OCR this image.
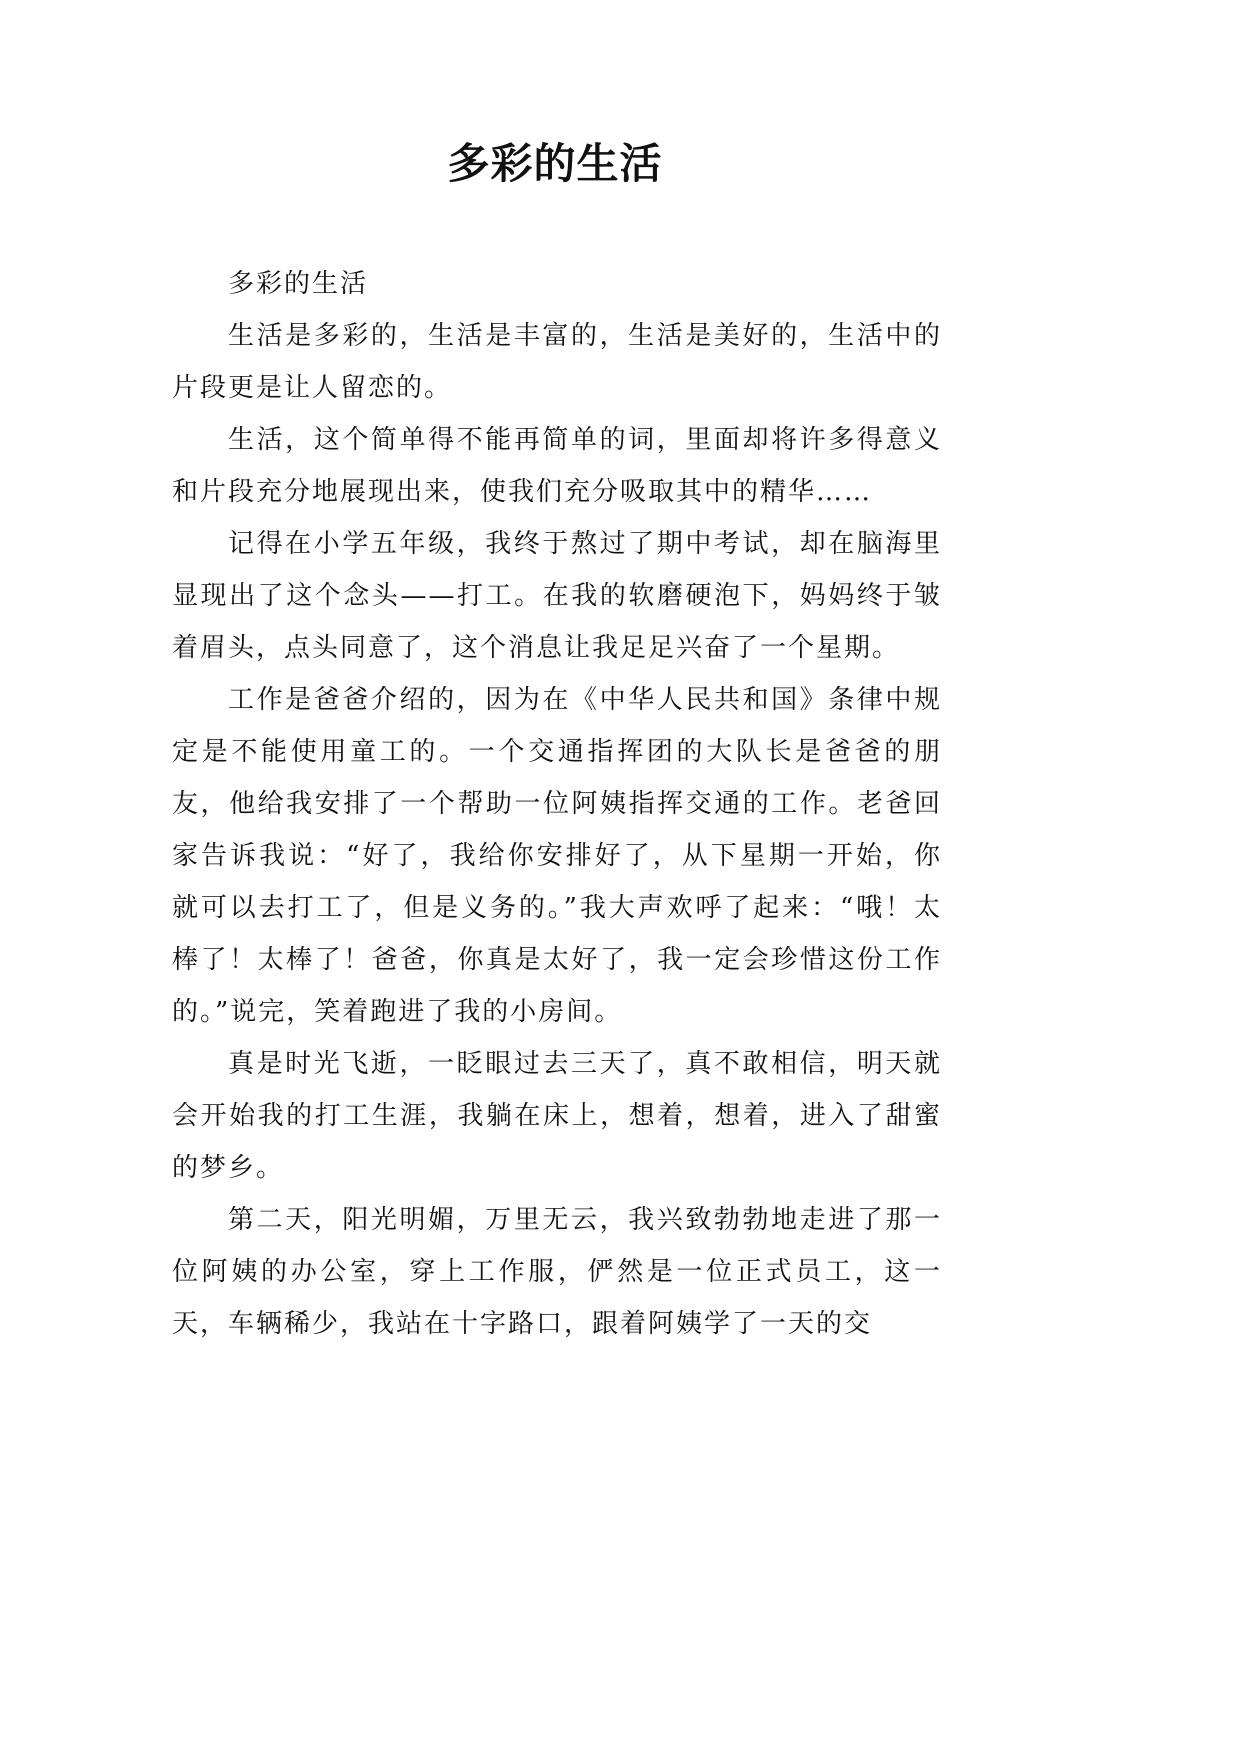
多彩的生活

多彩的生活

生活是多彩的，生活是丰富的，生活是美好的，生活中的片段更是让人留恋的。

生活，这个简单得不能再简单的词，里面却将许多得意义和片段充分地展现出来，使我们充分吸取其中的精华……

记得在小学五年级，我终于熬过了期中考试，却在脑海里显现出了这个念头——打工。在我的软磨硬泡下，妈妈终于皱着眉头，点头同意了，这个消息让我足足兴奋了一个星期。

工作是爸爸介绍的，因为在《中华人民共和国》条律中规定是不能使用童工的。一个交通指挥团的大队长是爸爸的朋友，他给我安排了一个帮助一位阿姨指挥交通的工作。老爸回家告诉我说：“好了，我给你安排好了，从下星期一开始，你就可以去打工了，但是义务的。”我大声欢呼了起来：“哦！太棒了！太棒了！爸爸，你真是太好了，我一定会珍惜这份工作的。”说完，笑着跑进了我的小房间。

真是时光飞逝，一眨眼过去三天了，真不敢相信，明天就会开始我的打工生涯，我躺在床上，想着，想着，进入了甜蜜的梦乡。

第二天，阳光明媚，万里无云，我兴致勃勃地走进了那一位阿姨的办公室，穿上工作服，俨然是一位正式员工，这一天，车辆稀少，我站在十字路口，跟着阿姨学了一天的交
